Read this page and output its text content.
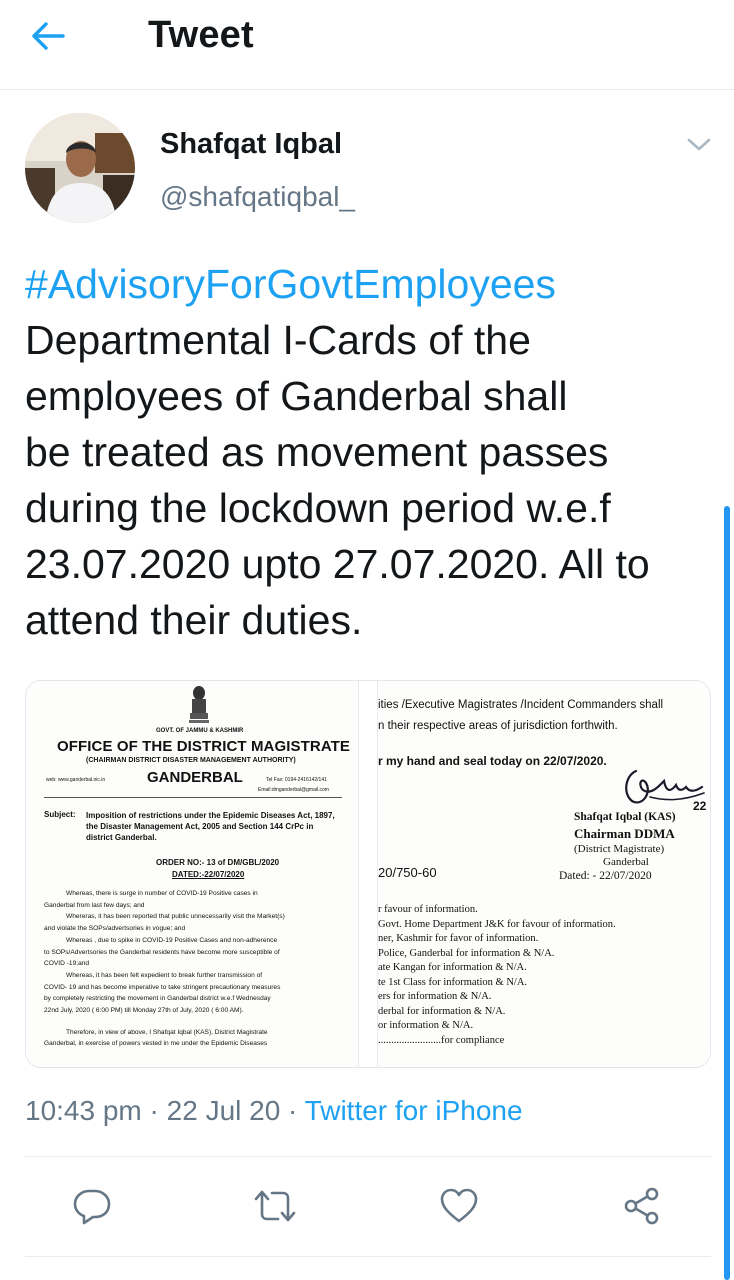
Tweet
Shafqat Iqbal
@shafqatiqbal_
#AdvisoryForGovtEmployees
Departmental I-Cards of the
employees of Ganderbal shall
be treated as movement passes
during the lockdown period w.e.f
23.07.2020 upto 27.07.2020. All to
attend their duties.
GOVT. OF JAMMU & KASHMIR
OFFICE OF THE DISTRICT MAGISTRATE
(CHAIRMAN DISTRICT DISASTER MANAGEMENT AUTHORITY)
web: www.ganderbal.nic.in	GANDERBAL	Tel Fax: 0194-2416142/141
Email:dmganderbal@gmail.com
Subject: Imposition of restrictions under the Epidemic Diseases Act, 1897,
the Disaster Management Act, 2005 and Section 144 CrPc in
district Ganderbal.
ORDER NO:- 13 of DM/GBL/2020
DATED:-22/07/2020
Whereas, there is surge in number of COVID-19 Positive cases in
Ganderbal from last few days; and
Whereras, it has been reported that public unnecessarily visit the Market(s)
and violate the SOPs/advertsories in vogue; and
Whereas , due to spike in COVID-19 Positive Cases and non-adherence
to SOPs/Advertsories the Ganderbal residents have become more susceptible of
COVID -19;and
Whereas, it has been felt expedient to break further transmission of
COVID- 19 and has become imperative to take stringent precautionary measures
by completely restricting the movement in Ganderbal district w.e.f Wednesday
22nd July, 2020 ( 6:00 PM) till Monday 27th of July, 2020 ( 6:00 AM).
Therefore, in view of above, I Shafqat Iqbal (KAS), District Magistrate
Ganderbal, in exercise of powers vested in me under the Epidemic Diseases
ities /Executive Magistrates /Incident Commanders shall
n their respective areas of jurisdiction forthwith.
r my hand and seal today on 22/07/2020.
22
Shafqat Iqbal (KAS)
Chairman DDMA
(District Magistrate)
Ganderbal
20/750-60	Dated: - 22/07/2020
r favour of information.
Govt. Home Department J&K for favour of information.
ner, Kashmir for favor of information.
Police, Ganderbal for information & N/A.
ate Kangan for information & N/A.
te 1st Class for information & N/A.
ers for information & N/A.
derbal for information & N/A.
or information & N/A.
........................for compliance
10:43 pm · 22 Jul 20 · Twitter for iPhone
